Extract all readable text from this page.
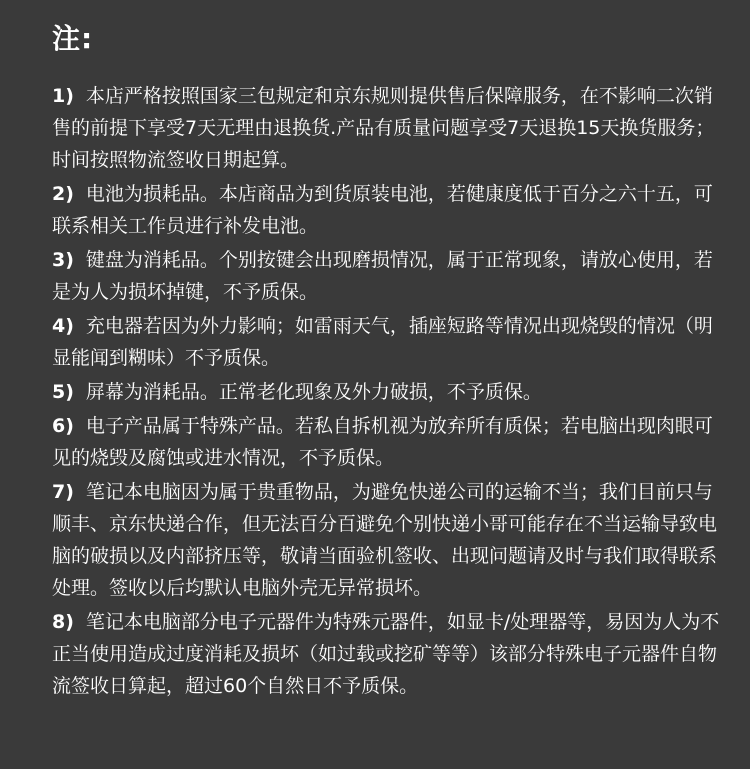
注:
1) 本店严格按照国家三包规定和京东规则提供售后保障服务，在不影响二次销售的前提下享受7天无理由退换货.产品有质量问题享受7天退换15天换货服务；时间按照物流签收日期起算。
2) 电池为损耗品。本店商品为到货原装电池，若健康度低于百分之六十五，可联系相关工作员进行补发电池。
3) 键盘为消耗品。个别按键会出现磨损情况，属于正常现象，请放心使用，若是为人为损坏掉键，不予质保。
4) 充电器若因为外力影响；如雷雨天气，插座短路等情况出现烧毁的情况（明显能闻到糊味）不予质保。
5) 屏幕为消耗品。正常老化现象及外力破损，不予质保。
6) 电子产品属于特殊产品。若私自拆机视为放弃所有质保；若电脑出现肉眼可见的烧毁及腐蚀或进水情况，不予质保。
7) 笔记本电脑因为属于贵重物品，为避免快递公司的运输不当；我们目前只与顺丰、京东快递合作，但无法百分百避免个别快递小哥可能存在不当运输导致电脑的破损以及内部挤压等，敬请当面验机签收、出现问题请及时与我们取得联系处理。签收以后均默认电脑外壳无异常损坏。
8) 笔记本电脑部分电子元器件为特殊元器件，如显卡/处理器等，易因为人为不正当使用造成过度消耗及损坏（如过载或挖矿等等）该部分特殊电子元器件自物流签收日算起，超过60个自然日不予质保。
